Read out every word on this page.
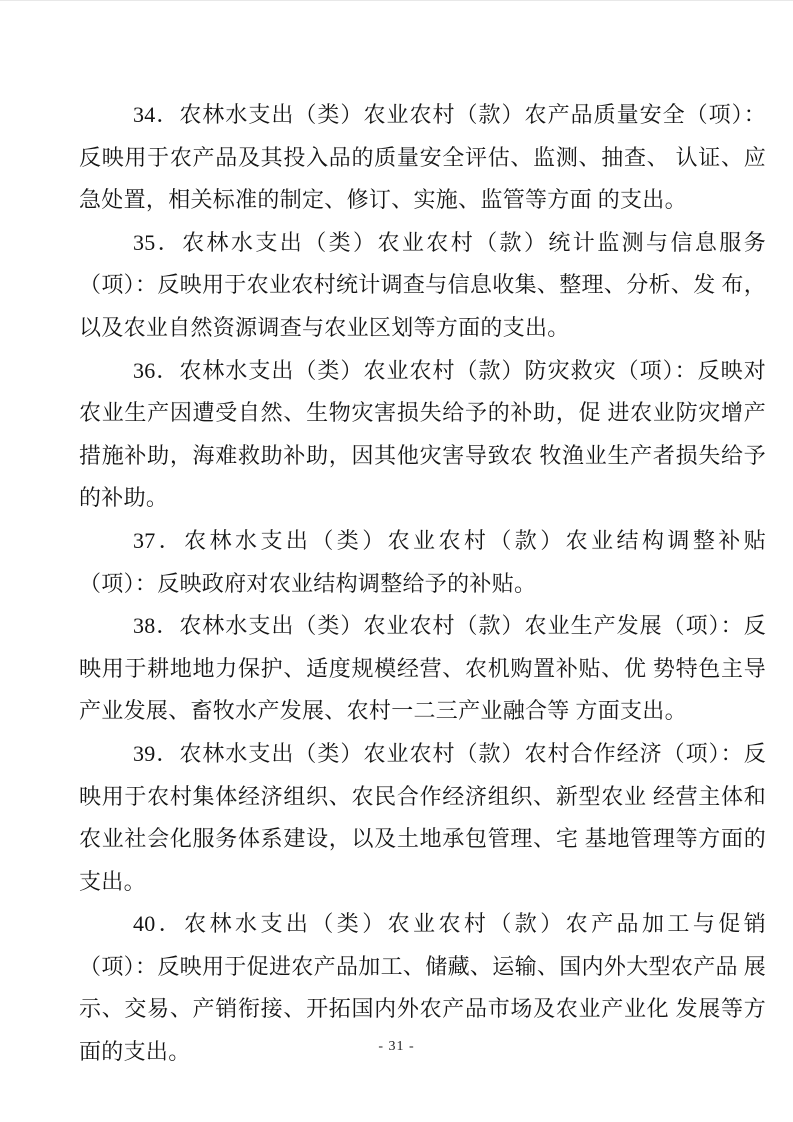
34．农林水支出（类）农业农村（款）农产品质量安全（项）：反映用于农产品及其投入品的质量安全评估、监测、抽查、 认证、应急处置，相关标准的制定、修订、实施、监管等方面 的支出。

35．农林水支出（类）农业农村（款）统计监测与信息服务（项）：反映用于农业农村统计调查与信息收集、整理、分析、发 布，以及农业自然资源调查与农业区划等方面的支出。

36．农林水支出（类）农业农村（款）防灾救灾（项）：反映对农业生产因遭受自然、生物灾害损失给予的补助，促 进农业防灾增产措施补助，海难救助补助，因其他灾害导致农 牧渔业生产者损失给予的补助。

37．农林水支出（类）农业农村（款）农业结构调整补贴（项）：反映政府对农业结构调整给予的补贴。

38．农林水支出（类）农业农村（款）农业生产发展（项）：反映用于耕地地力保护、适度规模经营、农机购置补贴、优 势特色主导产业发展、畜牧水产发展、农村一二三产业融合等 方面支出。

39．农林水支出（类）农业农村（款）农村合作经济（项）：反映用于农村集体经济组织、农民合作经济组织、新型农业 经营主体和农业社会化服务体系建设，以及土地承包管理、宅 基地管理等方面的支出。

40．农林水支出（类）农业农村（款）农产品加工与促销（项）：反映用于促进农产品加工、储藏、运输、国内外大型农产品 展示、交易、产销衔接、开拓国内外农产品市场及农业产业化 发展等方面的支出。	- 31 -
